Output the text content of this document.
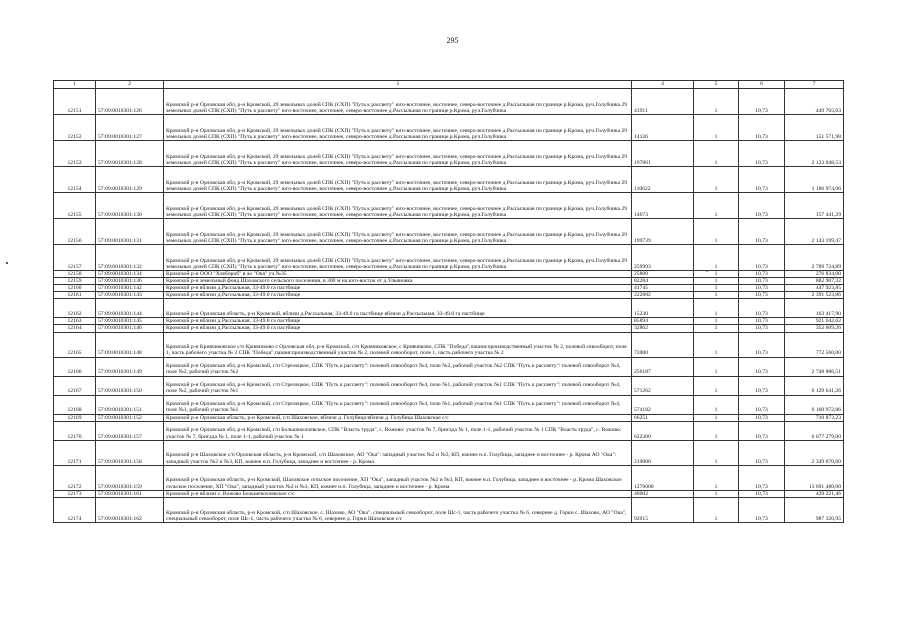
295
-
1	2	3	4	5	6	7
12151	57:09:0010301:126	Кромской р-н Орловская обл, р-н Кромской, 29 земельных долей СПК (СХП) "Путь к рассвету" юго-восточнее, восточнее, северо-восточнее д.Рассыльная по границе р.Крома, руч.Голубчика 29 земельных долей СПК (СХП) "Путь к рассвету" юго-восточнее, восточнее, северо-восточнее д.Рассыльная по границе р.Крома, руч.Голубчика	41911	1	10,73	449 705,03
12152	57:09:0010301:127	Кромской р-н Орловская обл, р-н Кромской, 29 земельных долей СПК (СХП) "Путь к рассвету" юго-восточнее, восточнее, северо-восточнее д.Рассыльная по границе р.Крома, руч.Голубчика 29 земельных долей СПК (СХП) "Путь к рассвету" юго-восточнее, восточнее, северо-восточнее д.Рассыльная по границе р.Крома, руч.Голубчика	14126	1	10,73	151 571,98
12153	57:09:0010301:128	Кромской р-н Орловская обл, р-н Кромской, 29 земельных долей СПК (СХП) "Путь к рассвету" юго-восточнее, восточнее, северо-восточнее д.Рассыльная по границе р.Крома, руч.Голубчика 29 земельных долей СПК (СХП) "Путь к рассвету" юго-восточнее, восточнее, северо-восточнее д.Рассыльная по границе р.Крома, руч.Голубчика	197861	1	10,73	2 123 048,53
12154	57:09:0010301:129	Кромской р-н Орловская обл, р-н Кромской, 29 земельных долей СПК (СХП) "Путь к рассвету" юго-восточнее, восточнее, северо-восточнее д.Рассыльная по границе р.Крома, руч.Голубчика 29 земельных долей СПК (СХП) "Путь к рассвету" юго-восточнее, восточнее, северо-восточнее д.Рассыльная по границе р.Крома, руч.Голубчика	110622	1	10,73	1 186 974,06
12155	57:09:0010301:130	Кромской р-н Орловская обл, р-н Кромской, 29 земельных долей СПК (СХП) "Путь к рассвету" юго-восточнее, восточнее, северо-восточнее д.Рассыльная по границе р.Крома, руч.Голубчика 29 земельных долей СПК (СХП) "Путь к рассвету" юго-восточнее, восточнее, северо-восточнее д.Рассыльная по границе р.Крома, руч.Голубчика	14673	1	10,73	157 441,29
12156	57:09:0010301:131	Кромской р-н Орловская обл, р-н Кромской, 29 земельных долей СПК (СХП) "Путь к рассвету" юго-восточнее, восточнее, северо-восточнее д.Рассыльная по границе р.Крома, руч.Голубчика 29 земельных долей СПК (СХП) "Путь к рассвету" юго-восточнее, восточнее, северо-восточнее д.Рассыльная по границе р.Крома, руч.Голубчика	199739	1	10,73	2 143 199,47
12157	57:09:0010301:132	Кромской р-н Орловская обл, р-н Кромской, 29 земельных долей СПК (СХП) "Путь к рассвету" юго-восточнее, восточнее, северо-восточнее д.Рассыльная по границе р.Крома, руч.Голубчика 29 земельных долей СПК (СХП) "Путь к рассвету" юго-восточнее, восточнее, северо-восточнее д.Рассыльная по границе р.Крома, руч.Голубчика	259993	1	10,73	2 789 724,89
12158	57:09:0010301:134	Кромской р-н ООО "Хлебороб" в ао "Ока" уч.№35	25800	1	10,73	276 834,00
12159	57:09:0010301:136	Кромской р-н земельный фонд Шаховского сельского поселения, в 300 м на юго-восток от д.Ульяновка	82284	1	10,73	882 907,32
12160	57:09:0010301:142	Кромской р-н вблизи д.Рассыльная, 33-49.0 га пастбище	41745	1	10,73	447 923,85
12161	57:09:0010301:143	Кромской р-н вблизи д.Рассыльная, 33-49.0 га пастбище	222882	1	10,73	2 391 523,86
12162	57:09:0010301:144	Кромской р-н Орловская область, р-н Кромской, вблизи д.Рассыльная, 33-49.0 га пастбище вблизи д.Рассыльная, 33-49.0 га пастбище	15230	1	10,73	163 417,90
12163	57:09:0010301:145	Кромской р-н вблизи д.Рассыльная, 33-49.0 га пастбище	85894	1	10,73	921 642,62
12164	57:09:0010301:146	Кромской р-н вблизи д.Рассыльная, 33-49.0 га пастбище	32862	1	10,73	352 609,26
12165	57:09:0010301:148	Кромской р-н Кривчиковское с/п Кривчиково с Орловская обл, р-н Кромской, с/п Кривчиковское, с Кривчиково, СПК "Победа",пашня:производственный участок № 2, полевой севооборот, поле 1, часть рабочего участка № 2 СПК "Победа",пашня:производственный участок № 2, полевой севооборот, поле 1, часть рабочего участка № 2	72000	1	10,73	772 560,00
12166	57:09:0010301:149	Кромской р-н Орловская обл, р-н Кромской, с/п Стрелецкое, СПК "Путь к рассвету": полевой севооборот №4, поле №2, рабочий участок №2 СПК "Путь к рассвету": полевой севооборот №4, поле №2, рабочий участок №2	256187	1	10,73	2 748 886,51
12167	57:09:0010301:150	Кромской р-н Орловская обл, р-н Кромской, с/п Стрелецкое, СПК "Путь к рассвету": полевой севооборот №4, поле №1, рабочий участок №1 СПК "Путь к рассвету": полевой севооборот №4, поле №2, рабочий участок №1	571262	1	10,73	6 129 641,26
12168	57:09:0010301:151	Кромской р-н Орловская обл, р-н Кромской, с/п Стрелецкое, СПК "Путь к рассвету": полевой севооборот №4, поле №1, рабочий участок №1 СПК "Путь к рассвету": полевой севооборот №4, поле №1, рабочий участок №1	574182	1	10,73	6 160 972,86
12169	57:09:0010301:152	Кромской р-н Орловская область, р-н Кромской, с/п Шаховское, вблизи д. Голубица вблизи д. Голубица Шаховское с/с	66251	1	10,73	710 873,23
12170	57:09:0010301:157	Кромской р-н Орловская обл, р-н Кромской, с/п Большеколчевское, СПК "Власть труда", с. Вожово: участок № 7, бригада № 1, поле 1-1, рабочий участок № 1 СПК "Власть труда", с. Вожово: участок № 7, бригада № 1, поле 1-1, рабочий участок № 1	622300	1	10,73	6 677 279,00
12171	57:09:0010301:158	Кромской р-н Шаховское с/п Орловская область, р-н Кромской, с/п Шаховское, АО "Ока": западный участок №2 и №3, КП, южнее н.п. Голубица, западнее и восточнее - р. Крома АО "Ока": западный участок №2 и №3, КП, южнее н.п. Голубица, западнее и восточнее - р. Крома	219000	1	10,73	2 349 870,00
12172	57:09:0010301:159	Кромской р-н Орловская область, р-н Кромской, Шаховское сельское поселение, ХП "Ока", западный участок №2 и №3, КП, южнее н.п. Голубица, западнее и восточнее - р. Крома Шаховское сельское поселение, ХП "Ока", западный участок №2 и №3, КП, южнее н.п. Голубица, западнее и восточнее - р. Крома	1276000	1	10,73	13 691 480,00
12173	57:09:0010301:161	Кромской р-н вблизи с. Вожово Большеколчевское с/с	40002	1	10,73	429 221,46
12174	57:09:0010301:162	Кромской р-н Орловская область, р-н Кромской, с/п Шаховское, с. Шахово, АО "Ока", специальный севооборот, поле Шс-1, часть рабочего участка № 6, севернее д. Горки с. Шахово, АО "Ока", специальный севооборот, поле Шс-1, часть рабочего участка № 6, севернее д. Горки Шаховское с/с	92015	1	10,73	987 320,95
